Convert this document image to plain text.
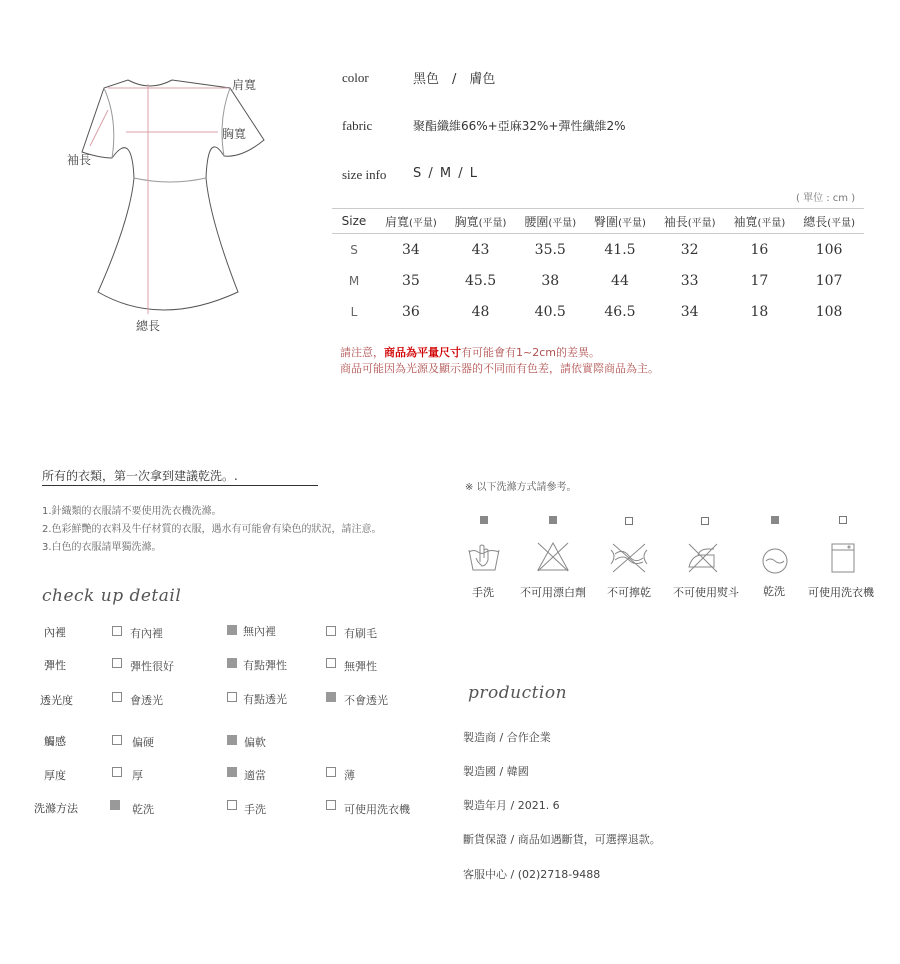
肩寬
胸寬
袖長
總長
color	黑色　/　膚色
fabric	聚酯纖維66%+亞麻32%+彈性纖維2%
size info S / M / L
( 單位 : cm )
Size	肩寬(平量)	胸寬(平量)	腰圍(平量)	臀圍(平量)	袖長(平量)	袖寬(平量)	總長(平量)
S	34	43	35.5	41.5	32	16	106
M	35	45.5	38	44	33	17	107
L	36	48	40.5	46.5	34	18	108
請注意，商品為平量尺寸有可能會有1~2cm的差異。
商品可能因為光源及顯示器的不同而有色差，請依實際商品為主。
所有的衣類，第一次拿到建議乾洗。.
1.針織類的衣服請不要使用洗衣機洗滌。
2.色彩鮮艷的衣料及牛仔材質的衣服，遇水有可能會有染色的狀況，請注意。
3.白色的衣服請單獨洗滌。
※ 以下洗滌方式請參考。
手洗 不可用漂白劑 不可擰乾 不可使用熨斗 乾洗 可使用洗衣機
check up detail
內裡	有內裡	無內裡	有刷毛
彈性	彈性很好	有點彈性	無彈性
透光度	會透光	有點透光	不會透光
觸感	偏硬	偏軟
厚度	厚	適當	薄
洗滌方法	乾洗	手洗	可使用洗衣機
production
製造商 / 合作企業
製造國 / 韓國
製造年月 / 2021. 6
斷貨保證 / 商品如遇斷貨，可選擇退款。
客服中心 / (02)2718-9488
